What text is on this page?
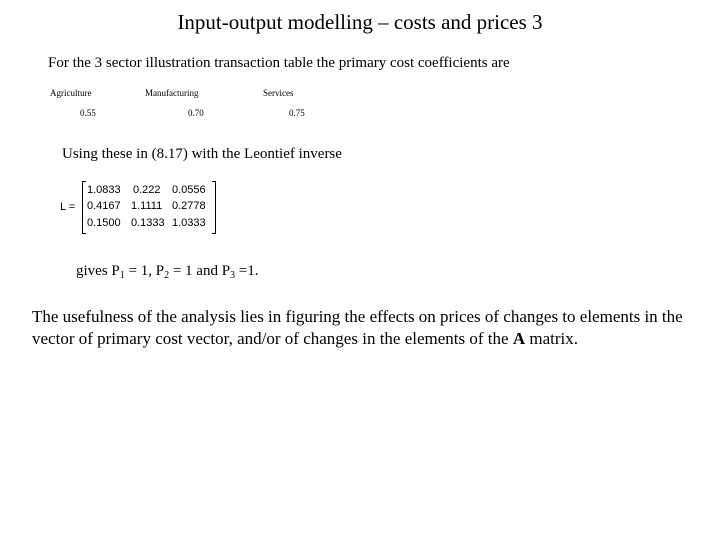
Input-output modelling – costs and prices 3
For the 3 sector illustration transaction table the primary cost coefficients are
Agriculture	Manufacturing	Services
0.55	0.70	0.75
Using these in (8.17) with the Leontief inverse
L =
1.0833 0.222 0.0556
0.4167 1.1111 0.2778
0.1500 0.1333 1.0333
gives $P_1 = 1$, $P_2 = 1$ and $P_3 =1$.
The usefulness of the analysis lies in figuring the effects on prices of changes to elements in the vector of primary cost vector, and/or of changes in the elements of the A matrix.
